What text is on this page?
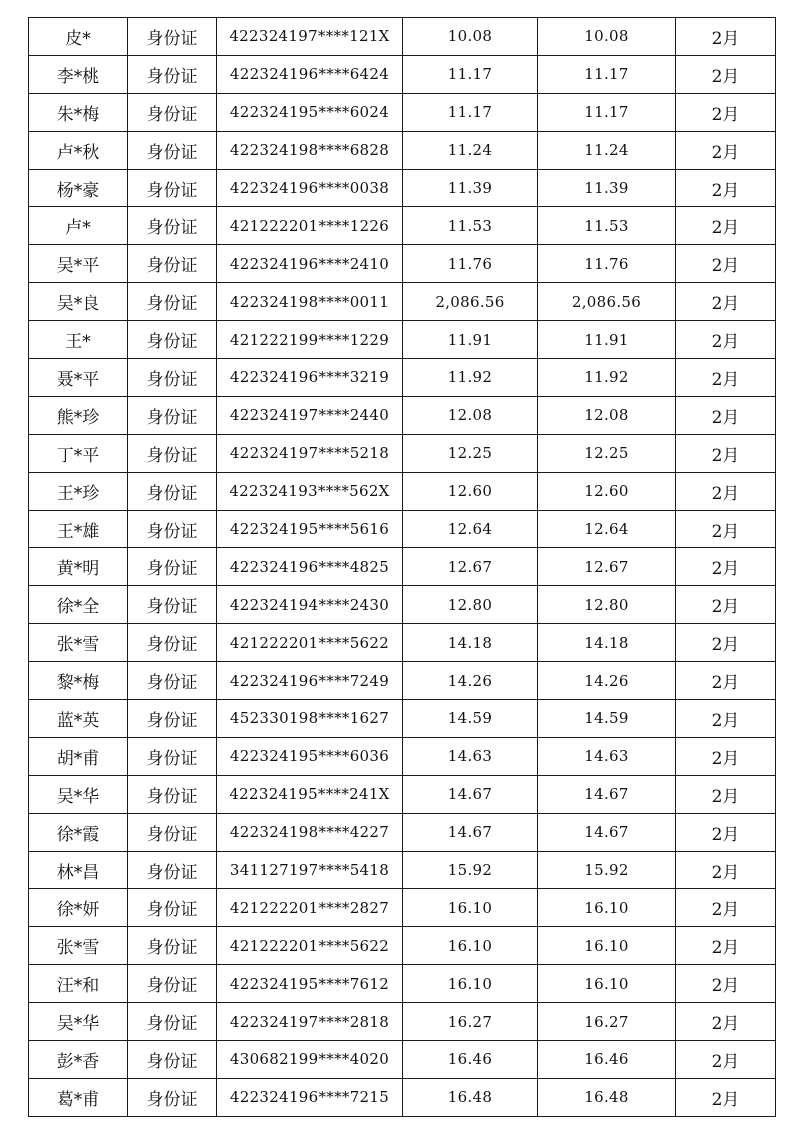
皮*	身份证	422324197****121X	10.08	10.08	2月
李*桃	身份证	422324196****6424	11.17	11.17	2月
朱*梅	身份证	422324195****6024	11.17	11.17	2月
卢*秋	身份证	422324198****6828	11.24	11.24	2月
杨*豪	身份证	422324196****0038	11.39	11.39	2月
卢*	身份证	421222201****1226	11.53	11.53	2月
吴*平	身份证	422324196****2410	11.76	11.76	2月
吴*良	身份证	422324198****0011	2,086.56	2,086.56	2月
王*	身份证	421222199****1229	11.91	11.91	2月
聂*平	身份证	422324196****3219	11.92	11.92	2月
熊*珍	身份证	422324197****2440	12.08	12.08	2月
丁*平	身份证	422324197****5218	12.25	12.25	2月
王*珍	身份证	422324193****562X	12.60	12.60	2月
王*雄	身份证	422324195****5616	12.64	12.64	2月
黄*明	身份证	422324196****4825	12.67	12.67	2月
徐*全	身份证	422324194****2430	12.80	12.80	2月
张*雪	身份证	421222201****5622	14.18	14.18	2月
黎*梅	身份证	422324196****7249	14.26	14.26	2月
蓝*英	身份证	452330198****1627	14.59	14.59	2月
胡*甫	身份证	422324195****6036	14.63	14.63	2月
吴*华	身份证	422324195****241X	14.67	14.67	2月
徐*霞	身份证	422324198****4227	14.67	14.67	2月
林*昌	身份证	341127197****5418	15.92	15.92	2月
徐*妍	身份证	421222201****2827	16.10	16.10	2月
张*雪	身份证	421222201****5622	16.10	16.10	2月
汪*和	身份证	422324195****7612	16.10	16.10	2月
吴*华	身份证	422324197****2818	16.27	16.27	2月
彭*香	身份证	430682199****4020	16.46	16.46	2月
葛*甫	身份证	422324196****7215	16.48	16.48	2月
